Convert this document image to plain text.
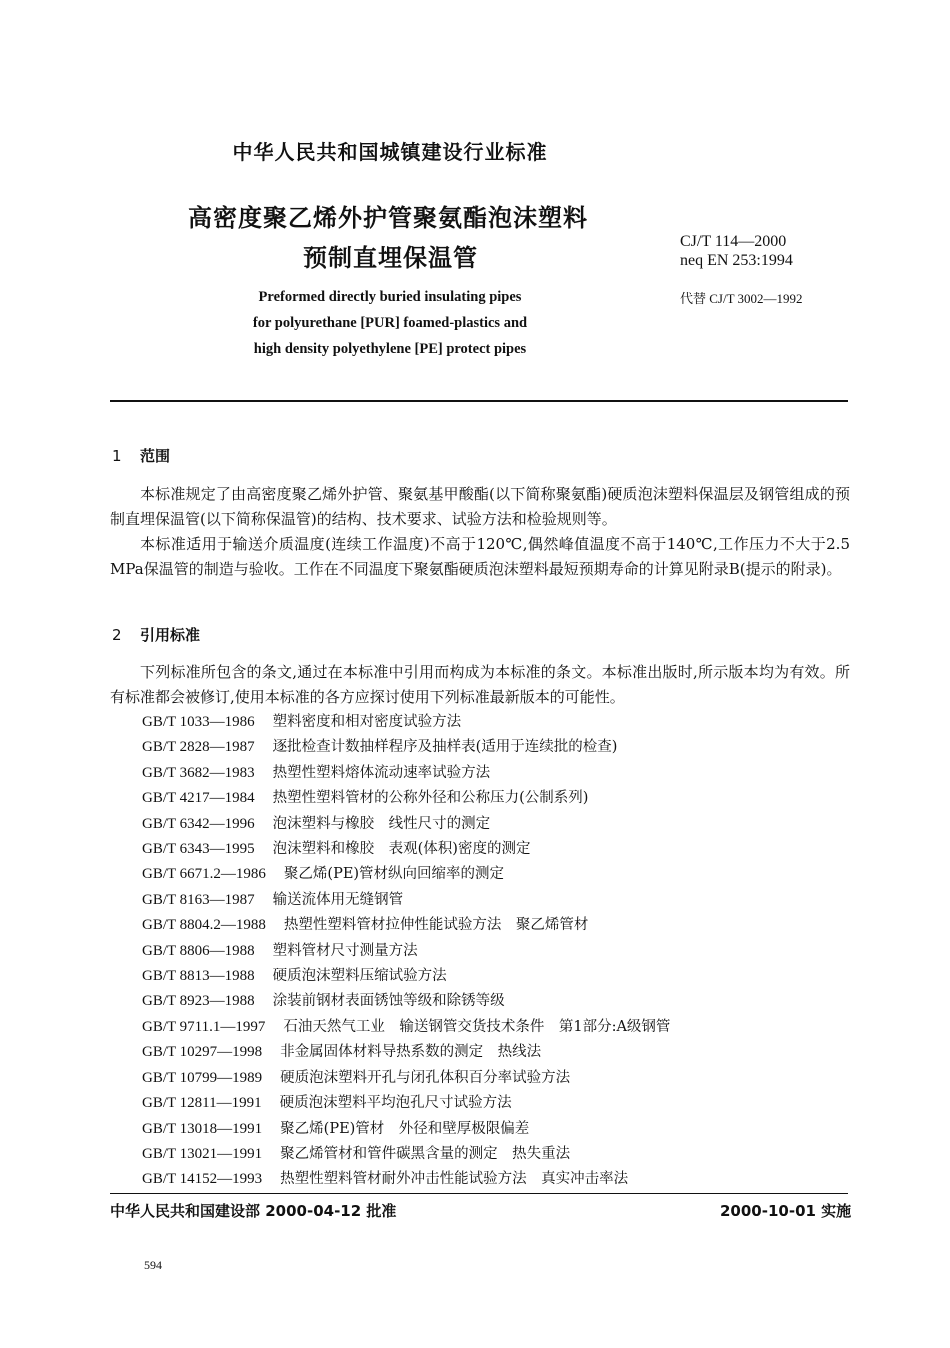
中华人民共和国城镇建设行业标准
高密度聚乙烯外护管聚氨酯泡沫塑料
预制直埋保温管
CJ/T 114—2000
neq EN 253:1994
代替 CJ/T 3002—1992
Preformed directly buried insulating pipes
for polyurethane [PUR] foamed-plastics and
high density polyethylene [PE] protect pipes
1 范围
本标准规定了由高密度聚乙烯外护管、聚氨基甲酸酯(以下简称聚氨酯)硬质泡沫塑料保温层及钢管组成的预制直埋保温管(以下简称保温管)的结构、技术要求、试验方法和检验规则等。
本标准适用于输送介质温度(连续工作温度)不高于120℃,偶然峰值温度不高于140℃,工作压力不大于2.5 MPa保温管的制造与验收。工作在不同温度下聚氨酯硬质泡沫塑料最短预期寿命的计算见附录B(提示的附录)。
2 引用标准
下列标准所包含的条文,通过在本标准中引用而构成为本标准的条文。本标准出版时,所示版本均为有效。所有标准都会被修订,使用本标准的各方应探讨使用下列标准最新版本的可能性。
GB/T 1033—1986 塑料密度和相对密度试验方法
GB/T 2828—1987 逐批检查计数抽样程序及抽样表(适用于连续批的检查)
GB/T 3682—1983 热塑性塑料熔体流动速率试验方法
GB/T 4217—1984 热塑性塑料管材的公称外径和公称压力(公制系列)
GB/T 6342—1996 泡沫塑料与橡胶　线性尺寸的测定
GB/T 6343—1995 泡沫塑料和橡胶　表观(体积)密度的测定
GB/T 6671.2—1986 聚乙烯(PE)管材纵向回缩率的测定
GB/T 8163—1987 输送流体用无缝钢管
GB/T 8804.2—1988 热塑性塑料管材拉伸性能试验方法　聚乙烯管材
GB/T 8806—1988 塑料管材尺寸测量方法
GB/T 8813—1988 硬质泡沫塑料压缩试验方法
GB/T 8923—1988 涂装前钢材表面锈蚀等级和除锈等级
GB/T 9711.1—1997 石油天然气工业　输送钢管交货技术条件　第1部分:A级钢管
GB/T 10297—1998 非金属固体材料导热系数的测定　热线法
GB/T 10799—1989 硬质泡沫塑料开孔与闭孔体积百分率试验方法
GB/T 12811—1991 硬质泡沫塑料平均泡孔尺寸试验方法
GB/T 13018—1991 聚乙烯(PE)管材　外径和壁厚极限偏差
GB/T 13021—1991 聚乙烯管材和管件碳黑含量的测定　热失重法
GB/T 14152—1993 热塑性塑料管材耐外冲击性能试验方法　真实冲击率法
中华人民共和国建设部 2000-04-12 批准	2000-10-01 实施
594
